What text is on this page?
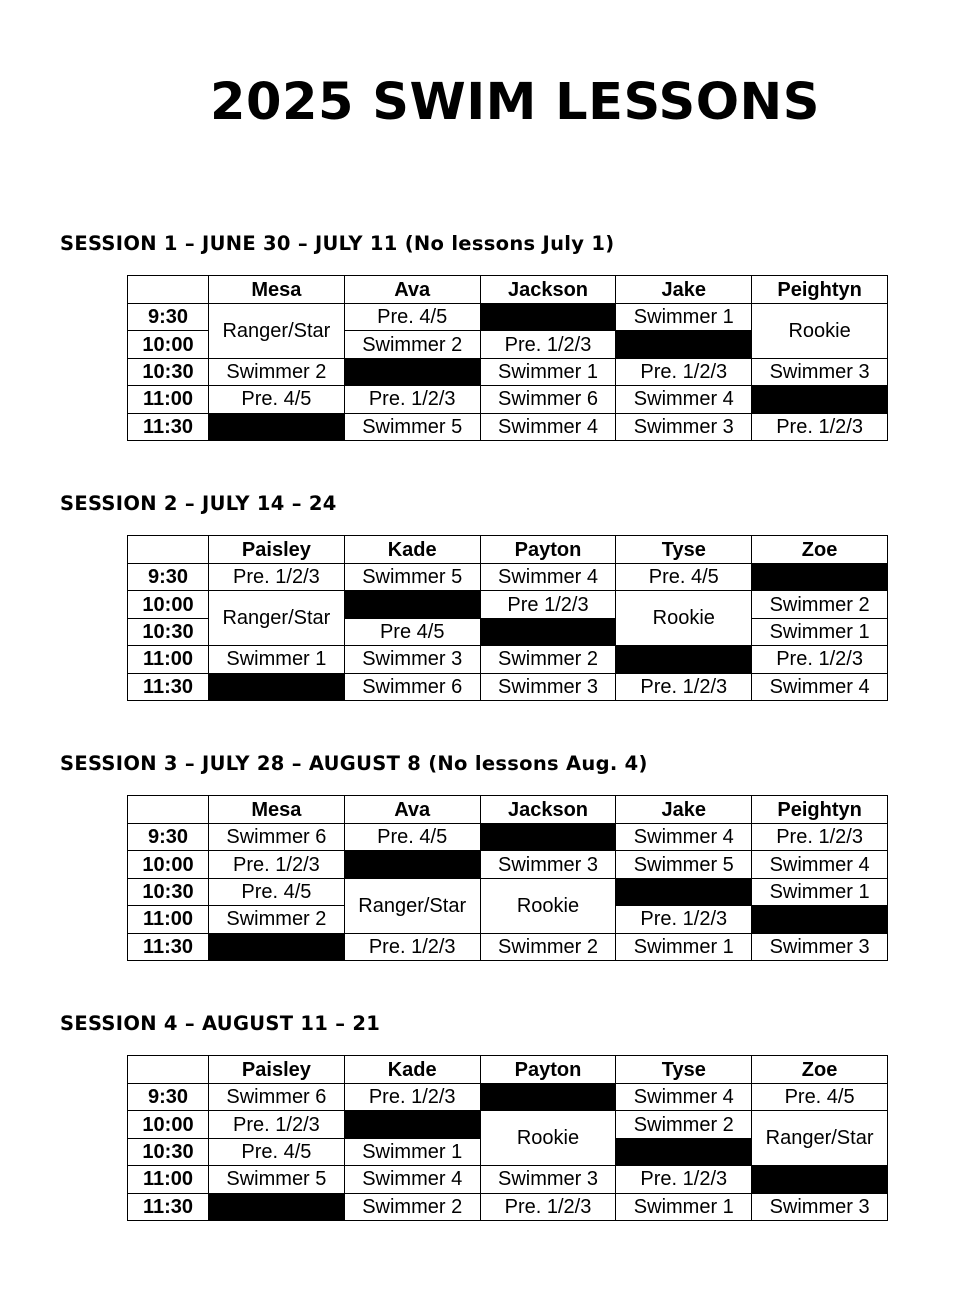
2025 SWIM LESSONS
SESSION 1 – JUNE 30 – JULY 11 (No lessons July 1)
	Mesa	Ava	Jackson	Jake	Peightyn
9:30	Ranger/Star	Pre. 4/5		Swimmer 1	Rookie
10:00		Swimmer 2	Pre. 1/2/3		
10:30	Swimmer 2		Swimmer 1	Pre. 1/2/3	Swimmer 3
11:00	Pre. 4/5	Pre. 1/2/3	Swimmer 6	Swimmer 4	
11:30		Swimmer 5	Swimmer 4	Swimmer 3	Pre. 1/2/3
SESSION 2 – JULY 14 – 24
	Paisley	Kade	Payton	Tyse	Zoe
9:30	Pre. 1/2/3	Swimmer 5	Swimmer 4	Pre. 4/5	
10:00	Ranger/Star		Pre 1/2/3	Rookie	Swimmer 2
10:30		Pre 4/5			Swimmer 1
11:00	Swimmer 1	Swimmer 3	Swimmer 2		Pre. 1/2/3
11:30		Swimmer 6	Swimmer 3	Pre. 1/2/3	Swimmer 4
SESSION 3 – JULY 28 – AUGUST 8 (No lessons Aug. 4)
	Mesa	Ava	Jackson	Jake	Peightyn
9:30	Swimmer 6	Pre. 4/5		Swimmer 4	Pre. 1/2/3
10:00	Pre. 1/2/3		Swimmer 3	Swimmer 5	Swimmer 4
10:30	Pre. 4/5	Ranger/Star	Rookie		Swimmer 1
11:00	Swimmer 2			Pre. 1/2/3	
11:30		Pre. 1/2/3	Swimmer 2	Swimmer 1	Swimmer 3
SESSION 4 – AUGUST 11 – 21
	Paisley	Kade	Payton	Tyse	Zoe
9:30	Swimmer 6	Pre. 1/2/3		Swimmer 4	Pre. 4/5
10:00	Pre. 1/2/3		Rookie	Swimmer 2	Ranger/Star
10:30	Pre. 4/5	Swimmer 1			
11:00	Swimmer 5	Swimmer 4	Swimmer 3	Pre. 1/2/3	
11:30		Swimmer 2	Pre. 1/2/3	Swimmer 1	Swimmer 3
